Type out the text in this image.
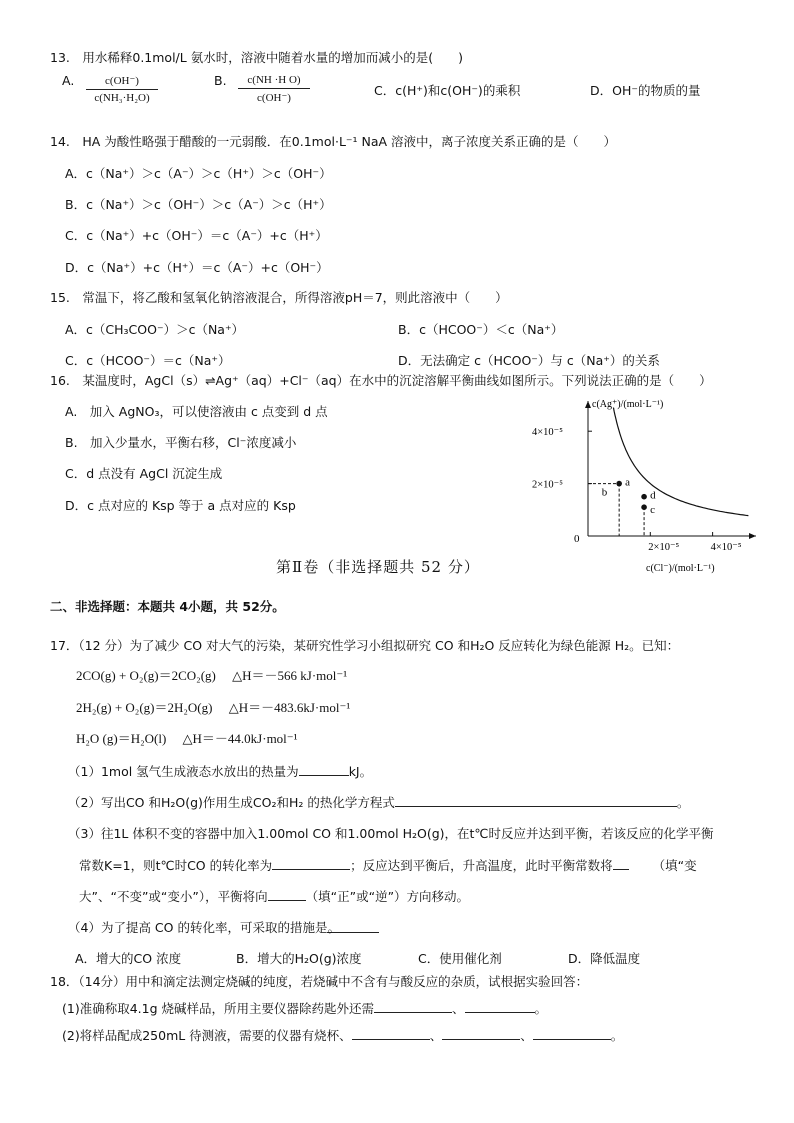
13.　用水稀释0.1mol/L 氨水时，溶液中随着水量的增加而减小的是(　　)
A.	c(OH⁻)
c(NH₃·H₂O)
B.	c(NH ·H O)
c(OH⁻)	C．c(H⁺)和c(OH⁻)的乘积	D．OH⁻的物质的量
14.　HA 为酸性略强于醋酸的一元弱酸．在0.1mol·L⁻¹ NaA 溶液中，离子浓度关系正确的是（　　）
A．c（Na⁺）＞c（A⁻）＞c（H⁺）＞c（OH⁻）
B．c（Na⁺）＞c（OH⁻）＞c（A⁻）＞c（H⁺）
C．c（Na⁺）+c（OH⁻）＝c（A⁻）+c（H⁺）
D．c（Na⁺）+c（H⁺）＝c（A⁻）+c（OH⁻）
15.　常温下，将乙酸和氢氧化钠溶液混合，所得溶液pH＝7，则此溶液中（　　）
A．c（CH₃COO⁻）＞c（Na⁺）	B．c（HCOO⁻）＜c（Na⁺）
C．c（HCOO⁻）＝c（Na⁺）	D．无法确定 c（HCOO⁻）与 c（Na⁺）的关系
16.　某温度时，AgCl（s）⇌Ag⁺（aq）+Cl⁻（aq）在水中的沉淀溶解平衡曲线如图所示。下列说法正确的是（　　）
A.　加入 AgNO₃，可以使溶液由 c 点变到 d 点
B.　加入少量水，平衡右移，Cl⁻浓度减小
C．d 点没有 AgCl 沉淀生成
D．c 点对应的 Ksp 等于 a 点对应的 Ksp
c(Ag⁺)/(mol·L⁻¹)
c(Cl⁻)/(mol·L⁻¹)
0
2×10⁻⁵
4×10⁻⁵
2×10⁻⁵	4×10⁻⁵
a
b	d
c
第Ⅱ卷（非选择题共 52 分）
二、非选择题：本题共 4小题，共 52分。
17．（12 分）为了减少 CO 对大气的污染，某研究性学习小组拟研究 CO 和H₂O 反应转化为绿色能源 H₂。已知：
2CO(g) + O₂(g)＝2CO₂(g)　 △H＝－566 kJ·mol⁻¹
2H₂(g) + O₂(g)＝2H₂O(g)　 △H＝－483.6kJ·mol⁻¹
H₂O (g)＝H₂O(l)　 △H＝－44.0kJ·mol⁻¹
（1）1mol 氢气生成液态水放出的热量为	kJ。
（2）写出CO 和H₂O(g)作用生成CO₂和H₂ 的热化学方程式	。
（3）往1L 体积不变的容器中加入1.00mol CO 和1.00mol H₂O(g)，在t℃时反应并达到平衡，若该反应的化学平衡
常数K=1，则t℃时CO 的转化率为	；反应达到平衡后，升高温度，此时平衡常数将	（填“变
大”、“不变”或“变小”），平衡将向	（填“正”或“逆”）方向移动。
（4）为了提高 CO 的转化率，可采取的措施是。
A．增大的CO 浓度	B．增大的H₂O(g)浓度	C．使用催化剂	D．降低温度
18．（14分）用中和滴定法测定烧碱的纯度，若烧碱中不含有与酸反应的杂质，试根据实验回答：
(1)准确称取4.1g 烧碱样品，所用主要仪器除药匙外还需	、	。
(2)将样品配成250mL 待测液，需要的仪器有烧杯、	、	、	。
